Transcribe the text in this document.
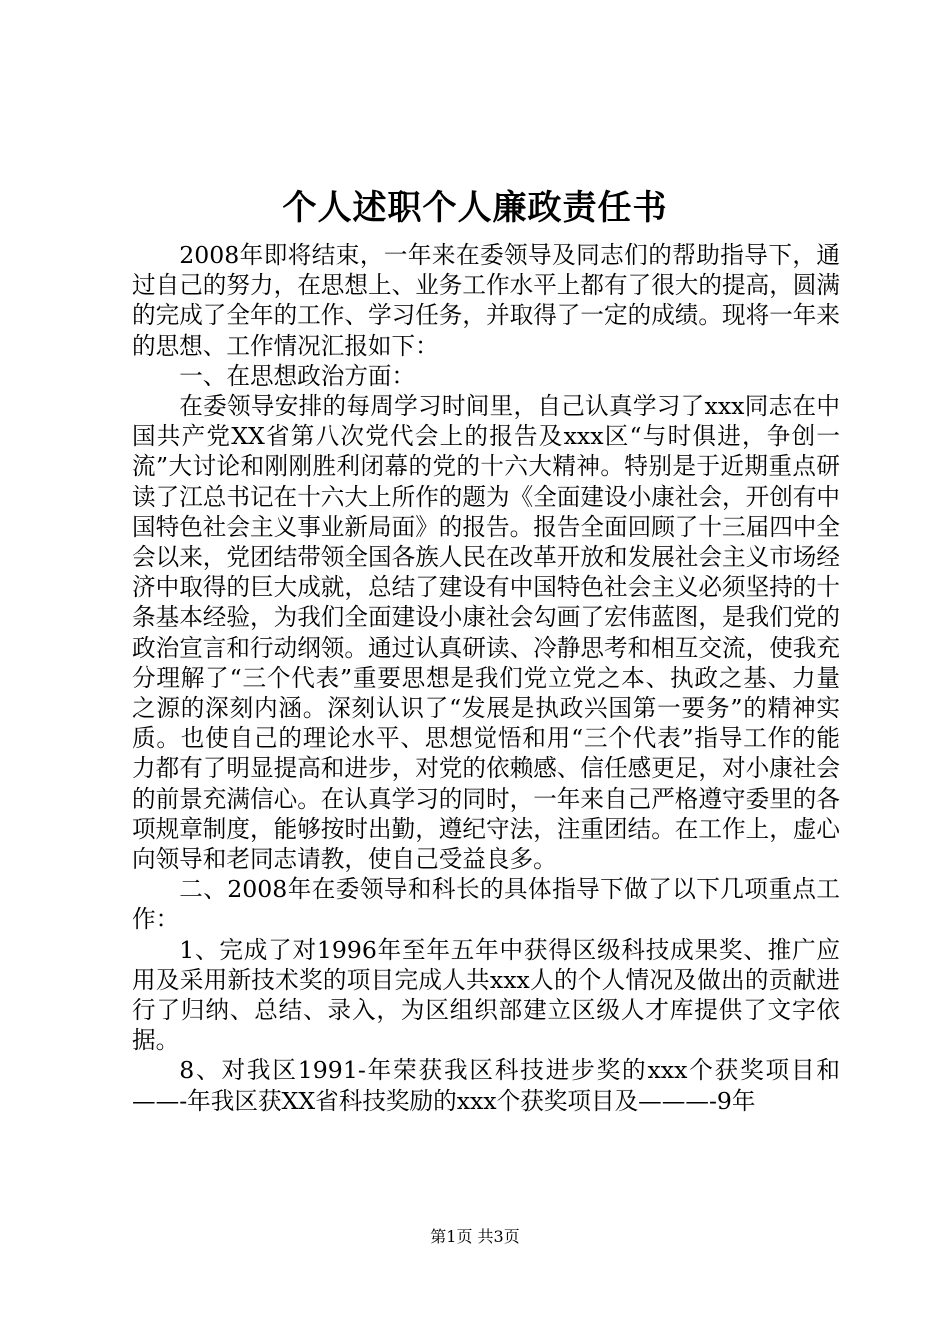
个人述职个人廉政责任书

2008年即将结束，一年来在委领导及同志们的帮助指导下，通过自己的努力，在思想上、业务工作水平上都有了很大的提高，圆满的完成了全年的工作、学习任务，并取得了一定的成绩。现将一年来的思想、工作情况汇报如下：

一、在思想政治方面：

在委领导安排的每周学习时间里，自己认真学习了xxx同志在中国共产党XX省第八次党代会上的报告及xxx区“与时俱进，争创一流”大讨论和刚刚胜利闭幕的党的十六大精神。特别是于近期重点研读了江总书记在十六大上所作的题为《全面建设小康社会，开创有中国特色社会主义事业新局面》的报告。报告全面回顾了十三届四中全会以来，党团结带领全国各族人民在改革开放和发展社会主义市场经济中取得的巨大成就，总结了建设有中国特色社会主义必须坚持的十条基本经验，为我们全面建设小康社会勾画了宏伟蓝图，是我们党的政治宣言和行动纲领。通过认真研读、冷静思考和相互交流，使我充分理解了“三个代表”重要思想是我们党立党之本、执政之基、力量之源的深刻内涵。深刻认识了“发展是执政兴国第一要务”的精神实质。也使自己的理论水平、思想觉悟和用“三个代表”指导工作的能力都有了明显提高和进步，对党的依赖感、信任感更足，对小康社会的前景充满信心。在认真学习的同时，一年来自己严格遵守委里的各项规章制度，能够按时出勤，遵纪守法，注重团结。在工作上，虚心向领导和老同志请教，使自己受益良多。

二、2008年在委领导和科长的具体指导下做了以下几项重点工作：

1、完成了对1996年至年五年中获得区级科技成果奖、推广应用及采用新技术奖的项目完成人共xxx人的个人情况及做出的贡献进行了归纳、总结、录入，为区组织部建立区级人才库提供了文字依据。

8、对我区1991-年荣获我区科技进步奖的xxx个获奖项目和——-年我区获XX省科技奖励的xxx个获奖项目及———-9年

第1页 共3页
